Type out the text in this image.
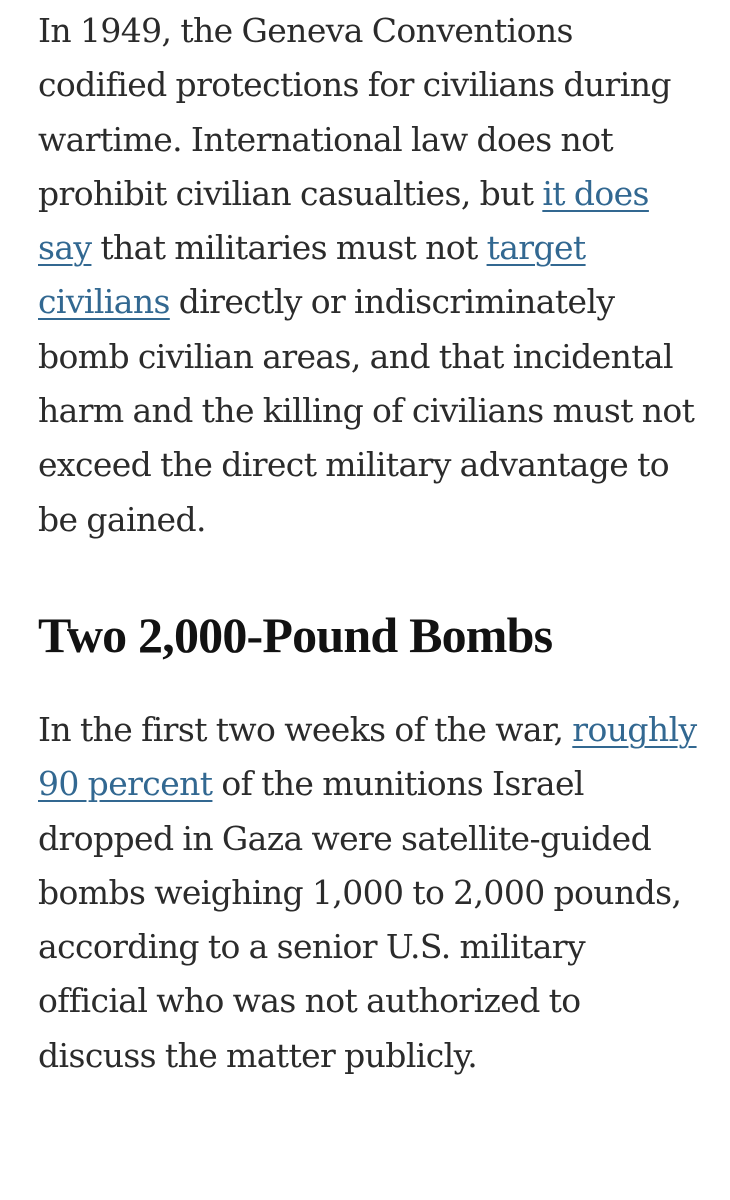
In 1949, the Geneva Conventions codified protections for civilians during wartime. International law does not prohibit civilian casualties, but it does say that militaries must not target civilians directly or indiscriminately bomb civilian areas, and that incidental harm and the killing of civilians must not exceed the direct military advantage to be gained.

Two 2,000-Pound Bombs

In the first two weeks of the war, roughly 90 percent of the munitions Israel dropped in Gaza were satellite-guided bombs weighing 1,000 to 2,000 pounds, according to a senior U.S. military official who was not authorized to discuss the matter publicly.
